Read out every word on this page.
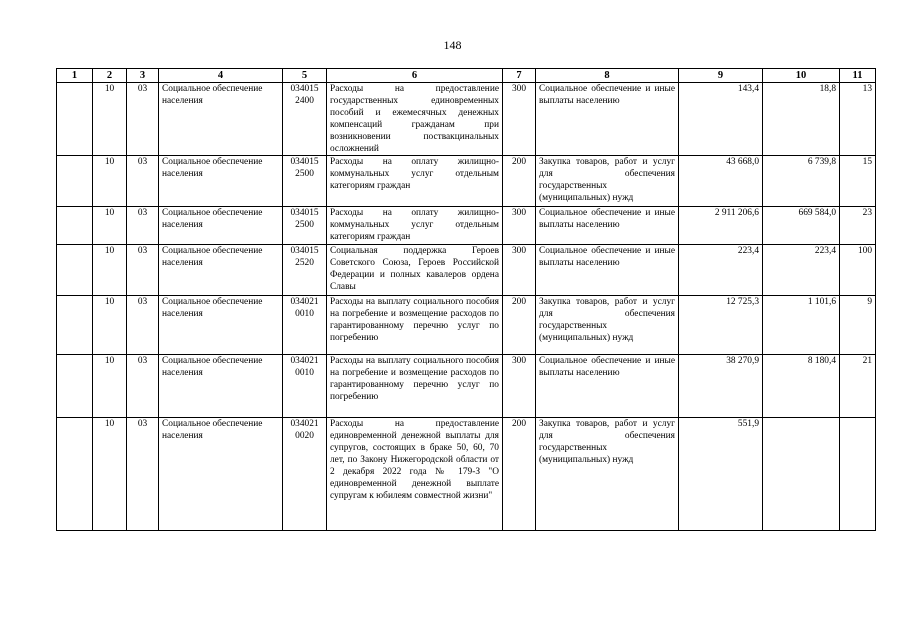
148
1	2	3	4	5	6	7	8	9	10	11
	10	03	Социальное обеспечение населения	034015 2400	Расходы на предоставление государственных единовременных пособий и ежемесячных денежных компенсаций гражданам при возникновении поствакцинальных осложнений	300	Социальное обеспечение и иные выплаты населению	143,4	18,8	13
	10	03	Социальное обеспечение населения	034015 2500	Расходы на оплату жилищно-коммунальных услуг отдельным категориям граждан	200	Закупка товаров, работ и услуг для обеспечения государственных (муниципальных) нужд	43 668,0	6 739,8	15
	10	03	Социальное обеспечение населения	034015 2500	Расходы на оплату жилищно-коммунальных услуг отдельным категориям граждан	300	Социальное обеспечение и иные выплаты населению	2 911 206,6	669 584,0	23
	10	03	Социальное обеспечение населения	034015 2520	Социальная поддержка Героев Советского Союза, Героев Российской Федерации и полных кавалеров ордена Славы	300	Социальное обеспечение и иные выплаты населению	223,4	223,4	100
	10	03	Социальное обеспечение населения	034021 0010	Расходы на выплату социального пособия на погребение и возмещение расходов по гарантированному перечню услуг по погребению	200	Закупка товаров, работ и услуг для обеспечения государственных (муниципальных) нужд	12 725,3	1 101,6	9
	10	03	Социальное обеспечение населения	034021 0010	Расходы на выплату социального пособия на погребение и возмещение расходов по гарантированному перечню услуг по погребению	300	Социальное обеспечение и иные выплаты населению	38 270,9	8 180,4	21
	10	03	Социальное обеспечение населения	034021 0020	Расходы на предоставление единовременной денежной выплаты для супругов, состоящих в браке 50, 60, 70 лет, по Закону Нижегородской области от 2 декабря 2022 года № 179-З "О единовременной денежной выплате супругам к юбилеям совместной жизни"	200	Закупка товаров, работ и услуг для обеспечения государственных (муниципальных) нужд	551,9		
